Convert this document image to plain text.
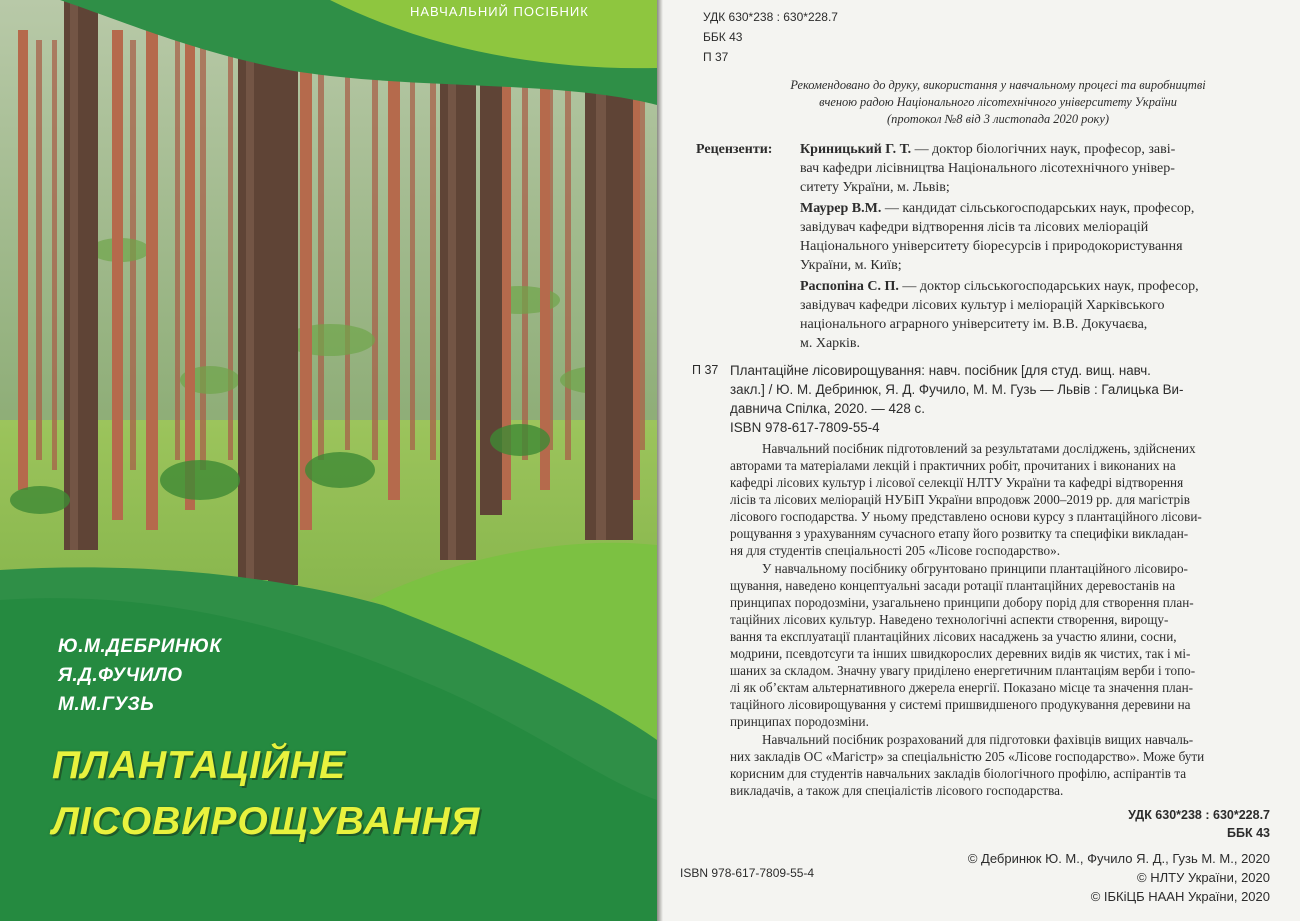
НАВЧАЛЬНИЙ ПОСІБНИК
Ю.М.ДЕБРИНЮК
Я.Д.ФУЧИЛО
М.М.ГУЗЬ
ПЛАНТАЦІЙНЕ
ЛІСОВИРОЩУВАННЯ
УДК 630*238 : 630*228.7
ББК 43
П 37
Рекомендовано до друку, використання у навчальному процесі та виробництві
вченою радою Національного лісотехнічного університету України
(протокол №8 від 3 листопада 2020 року)
Рецензенти: Криницький Г. Т. — доктор біологічних наук, професор, заві-
вач кафедри лісівництва Національного лісотехнічного універ-
ситету України, м. Львів;
Маурер В.М. — кандидат сільськогосподарських наук, професор,
завідувач кафедри відтворення лісів та лісових меліорацій
Національного університету біоресурсів і природокористування
України, м. Київ;
Распопіна С. П. — доктор сільськогосподарських наук, професор,
завідувач кафедри лісових культур і меліорацій Харківського
національного аграрного університету ім. В.В. Докучаєва,
м. Харків.
П 37 Плантаційне лісовирощування: навч. посібник [для студ. вищ. навч.
закл.] / Ю. М. Дебринюк, Я. Д. Фучило, М. М. Гузь — Львів : Галицька Ви-
давнича Спілка, 2020. — 428 с.
ISBN 978-617-7809-55-4
Навчальний посібник підготовлений за результатами досліджень, здійснених
авторами та матеріалами лекцій і практичних робіт, прочитаних і виконаних на
кафедрі лісових культур і лісової селекції НЛТУ України та кафедрі відтворення
лісів та лісових меліорацій НУБіП України впродовж 2000–2019 рр. для магістрів
лісового господарства. У ньому представлено основи курсу з плантаційного лісови-
рощування з урахуванням сучасного етапу його розвитку та специфіки викладан-
ня для студентів спеціальності 205 «Лісове господарство».
У навчальному посібнику обгрунтовано принципи плантаційного лісовиро-
щування, наведено концептуальні засади ротації плантаційних деревостанів на
принципах породозміни, узагальнено принципи добору порід для створення план-
таційних лісових культур. Наведено технологічні аспекти створення, вирощу-
вання та експлуатації плантаційних лісових насаджень за участю ялини, сосни,
модрини, псевдотсуги та інших швидкорослих деревних видів як чистих, так і мі-
шаних за складом. Значну увагу приділено енергетичним плантаціям верби і топо-
лі як об’єктам альтернативного джерела енергії. Показано місце та значення план-
таційного лісовирощування у системі пришвидшеного продукування деревини на
принципах породозміни.
Навчальний посібник розрахований для підготовки фахівців вищих навчаль-
них закладів ОС «Магістр» за спеціальністю 205 «Лісове господарство». Може бути
корисним для студентів навчальних закладів біологічного профілю, аспірантів та
викладачів, а також для спеціалістів лісового господарства.
УДК 630*238 : 630*228.7
ББК 43
ISBN 978-617-7809-55-4
© Дебринюк Ю. М., Фучило Я. Д., Гузь М. М., 2020
© НЛТУ України, 2020
© ІБКіЦБ НААН України, 2020
